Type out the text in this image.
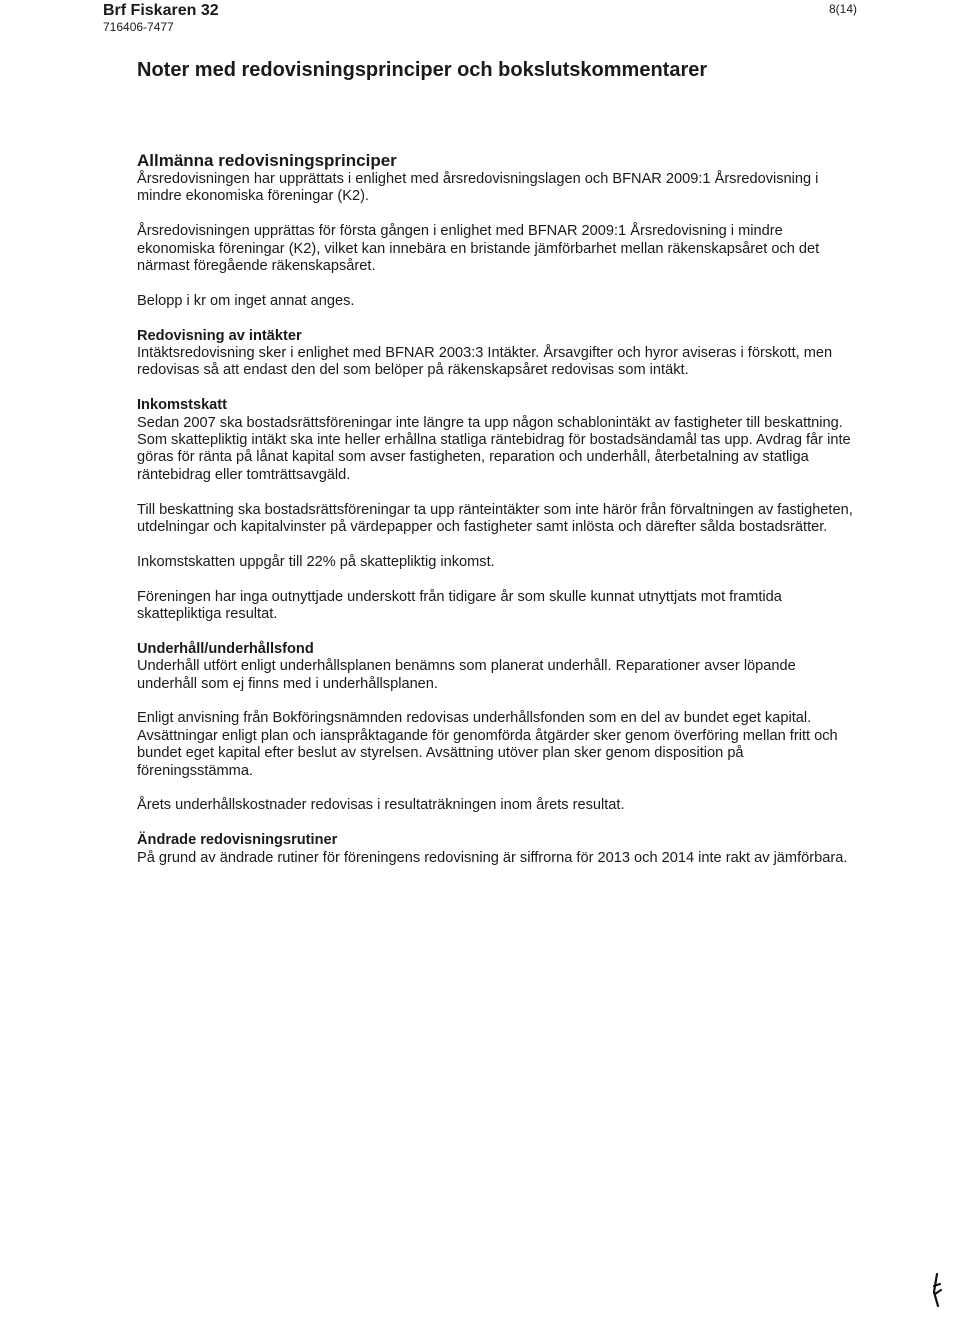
Brf Fiskaren 32
716406-7477
8(14)
Noter med redovisningsprinciper och bokslutskommentarer
Allmänna redovisningsprinciper

Årsredovisningen har upprättats i enlighet med årsredovisningslagen och BFNAR 2009:1 Årsredovisning i mindre ekonomiska föreningar (K2).

Årsredovisningen upprättas för första gången i enlighet med BFNAR 2009:1 Årsredovisning i mindre ekonomiska föreningar (K2), vilket kan innebära en bristande jämförbarhet mellan räkenskapsåret och det närmast föregående räkenskapsåret.

Belopp i kr om inget annat anges.

Redovisning av intäkter

Intäktsredovisning sker i enlighet med BFNAR 2003:3 Intäkter. Årsavgifter och hyror aviseras i förskott, men redovisas så att endast den del som belöper på räkenskapsåret redovisas som intäkt.

Inkomstskatt

Sedan 2007 ska bostadsrättsföreningar inte längre ta upp någon schablonintäkt av fastigheter till beskattning. Som skattepliktig intäkt ska inte heller erhållna statliga räntebidrag för bostadsändamål tas upp. Avdrag får inte göras för ränta på lånat kapital som avser fastigheten, reparation och underhåll, återbetalning av statliga räntebidrag eller tomträttsavgäld.

Till beskattning ska bostadsrättsföreningar ta upp ränteintäkter som inte härör från förvaltningen av fastigheten, utdelningar och kapitalvinster på värdepapper och fastigheter samt inlösta och därefter sålda bostadsrätter.

Inkomstskatten uppgår till 22% på skattepliktig inkomst.

Föreningen har inga outnyttjade underskott från tidigare år som skulle kunnat utnyttjats mot framtida skattepliktiga resultat.

Underhåll/underhållsfond

Underhåll utfört enligt underhållsplanen benämns som planerat underhåll. Reparationer avser löpande underhåll som ej finns med i underhållsplanen.

Enligt anvisning från Bokföringsnämnden redovisas underhållsfonden som en del av bundet eget kapital. Avsättningar enligt plan och ianspråktagande för genomförda åtgärder sker genom överföring mellan fritt och bundet eget kapital efter beslut av styrelsen. Avsättning utöver plan sker genom disposition på föreningsstämma.

Årets underhållskostnader redovisas i resultaträkningen inom årets resultat.

Ändrade redovisningsrutiner

På grund av ändrade rutiner för föreningens redovisning är siffrorna för 2013 och 2014 inte rakt av jämförbara.
